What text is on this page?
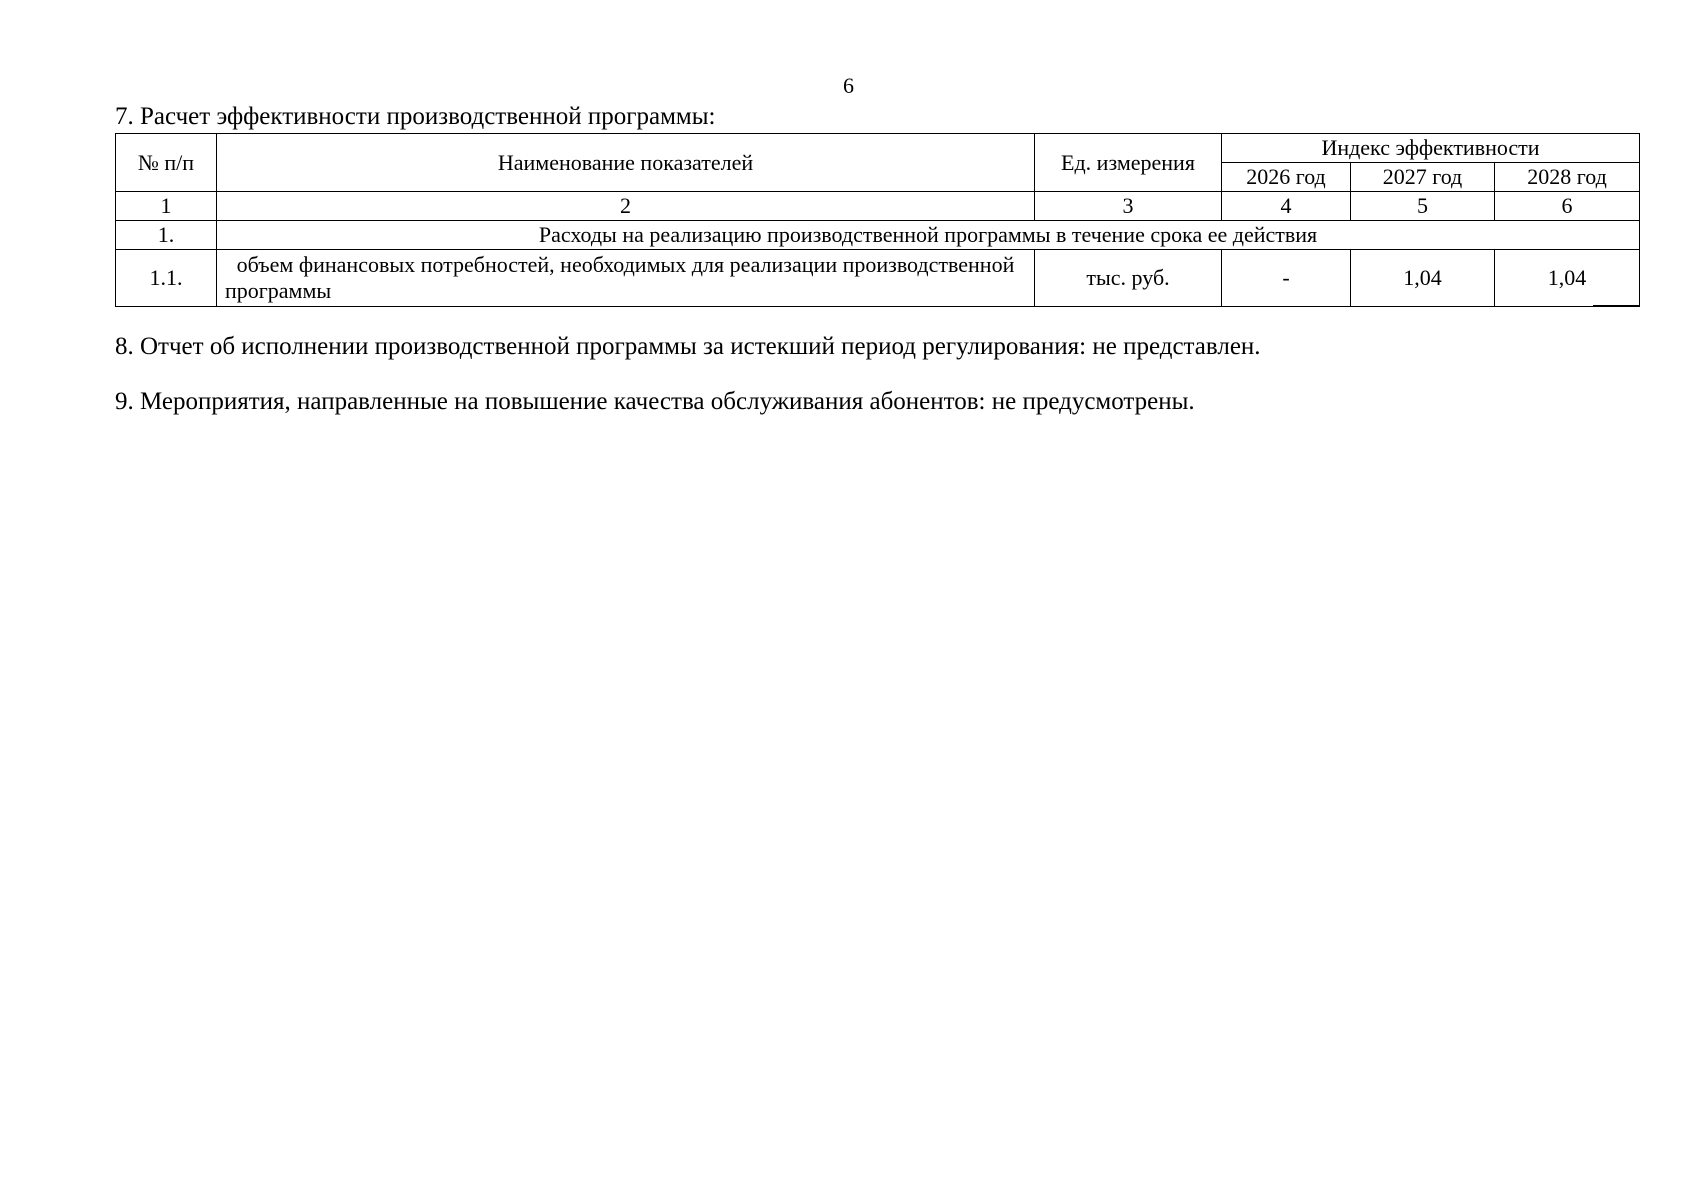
6
7. Расчет эффективности производственной программы:
№ п/п	Наименование показателей	Ед. измерения	Индекс эффективности		
			2026 год	2027 год	2028 год
1	2	3	4	5	6
1.	Расходы на реализацию производственной программы в течение срока ее действия				
1.1.	объем финансовых потребностей, необходимых для реализации производственной программы	тыс. руб.	-	1,04	1,04
8. Отчет об исполнении производственной программы за истекший период регулирования: не представлен.
9. Мероприятия, направленные на повышение качества обслуживания абонентов: не предусмотрены.
